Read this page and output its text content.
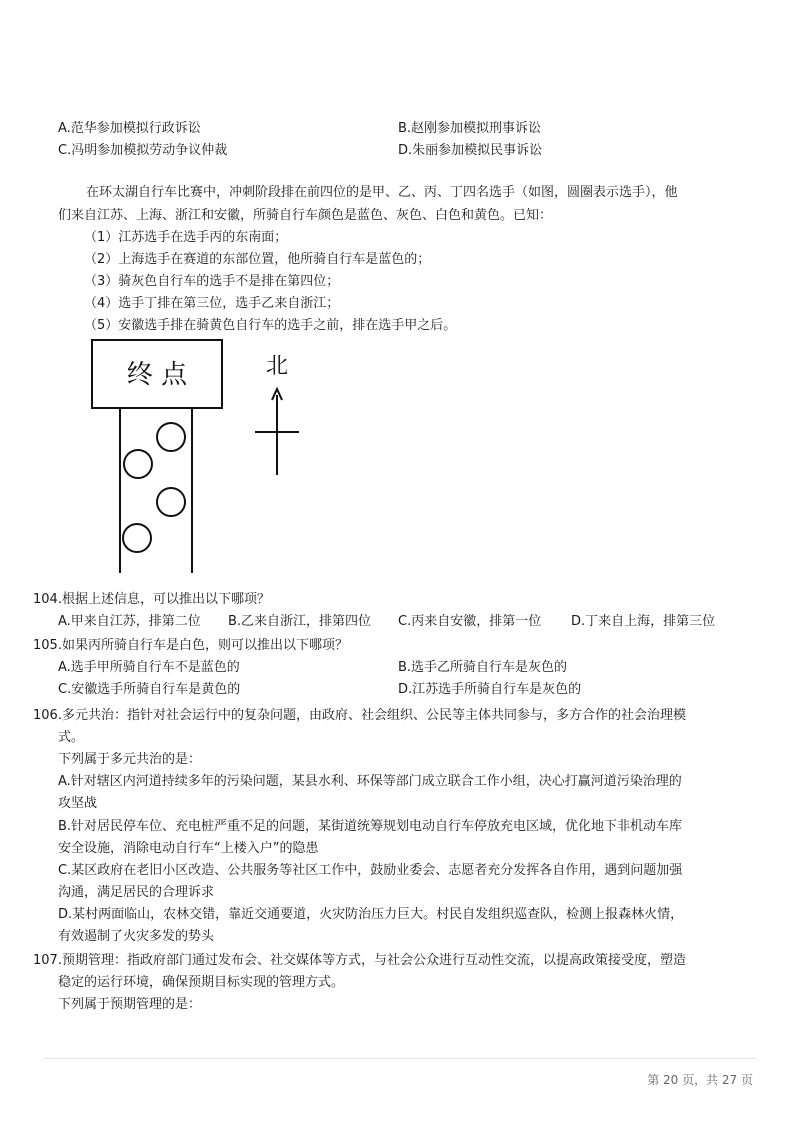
A.范华参加模拟行政诉讼	B.赵刚参加模拟刑事诉讼
C.冯明参加模拟劳动争议仲裁	D.朱丽参加模拟民事诉讼
在环太湖自行车比赛中，冲刺阶段排在前四位的是甲、乙、丙、丁四名选手（如图，圆圈表示选手），他
们来自江苏、上海、浙江和安徽，所骑自行车颜色是蓝色、灰色、白色和黄色。已知：
（1）江苏选手在选手丙的东南面；
（2）上海选手在赛道的东部位置，他所骑自行车是蓝色的；
（3）骑灰色自行车的选手不是排在第四位；
（4）选手丁排在第三位，选手乙来自浙江；
（5）安徽选手排在骑黄色自行车的选手之前，排在选手甲之后。
终 点	北
104.根据上述信息，可以推出以下哪项？
A.甲来自江苏，排第二位 B.乙来自浙江，排第四位 C.丙来自安徽，排第一位 D.丁来自上海，排第三位
105.如果丙所骑自行车是白色，则可以推出以下哪项？
A.选手甲所骑自行车不是蓝色的	B.选手乙所骑自行车是灰色的
C.安徽选手所骑自行车是黄色的	D.江苏选手所骑自行车是灰色的
106.多元共治：指针对社会运行中的复杂问题，由政府、社会组织、公民等主体共同参与，多方合作的社会治理模
式。
下列属于多元共治的是：
A.针对辖区内河道持续多年的污染问题，某县水利、环保等部门成立联合工作小组，决心打赢河道污染治理的
攻坚战
B.针对居民停车位、充电桩严重不足的问题，某街道统筹规划电动自行车停放充电区域，优化地下非机动车库
安全设施，消除电动自行车“上楼入户”的隐患
C.某区政府在老旧小区改造、公共服务等社区工作中，鼓励业委会、志愿者充分发挥各自作用，遇到问题加强
沟通，满足居民的合理诉求
D.某村两面临山，农林交错，靠近交通要道，火灾防治压力巨大。村民自发组织巡查队，检测上报森林火情，
有效遏制了火灾多发的势头
107.预期管理：指政府部门通过发布会、社交媒体等方式，与社会公众进行互动性交流，以提高政策接受度，塑造
稳定的运行环境，确保预期目标实现的管理方式。
下列属于预期管理的是：
第 20 页，共 27 页
